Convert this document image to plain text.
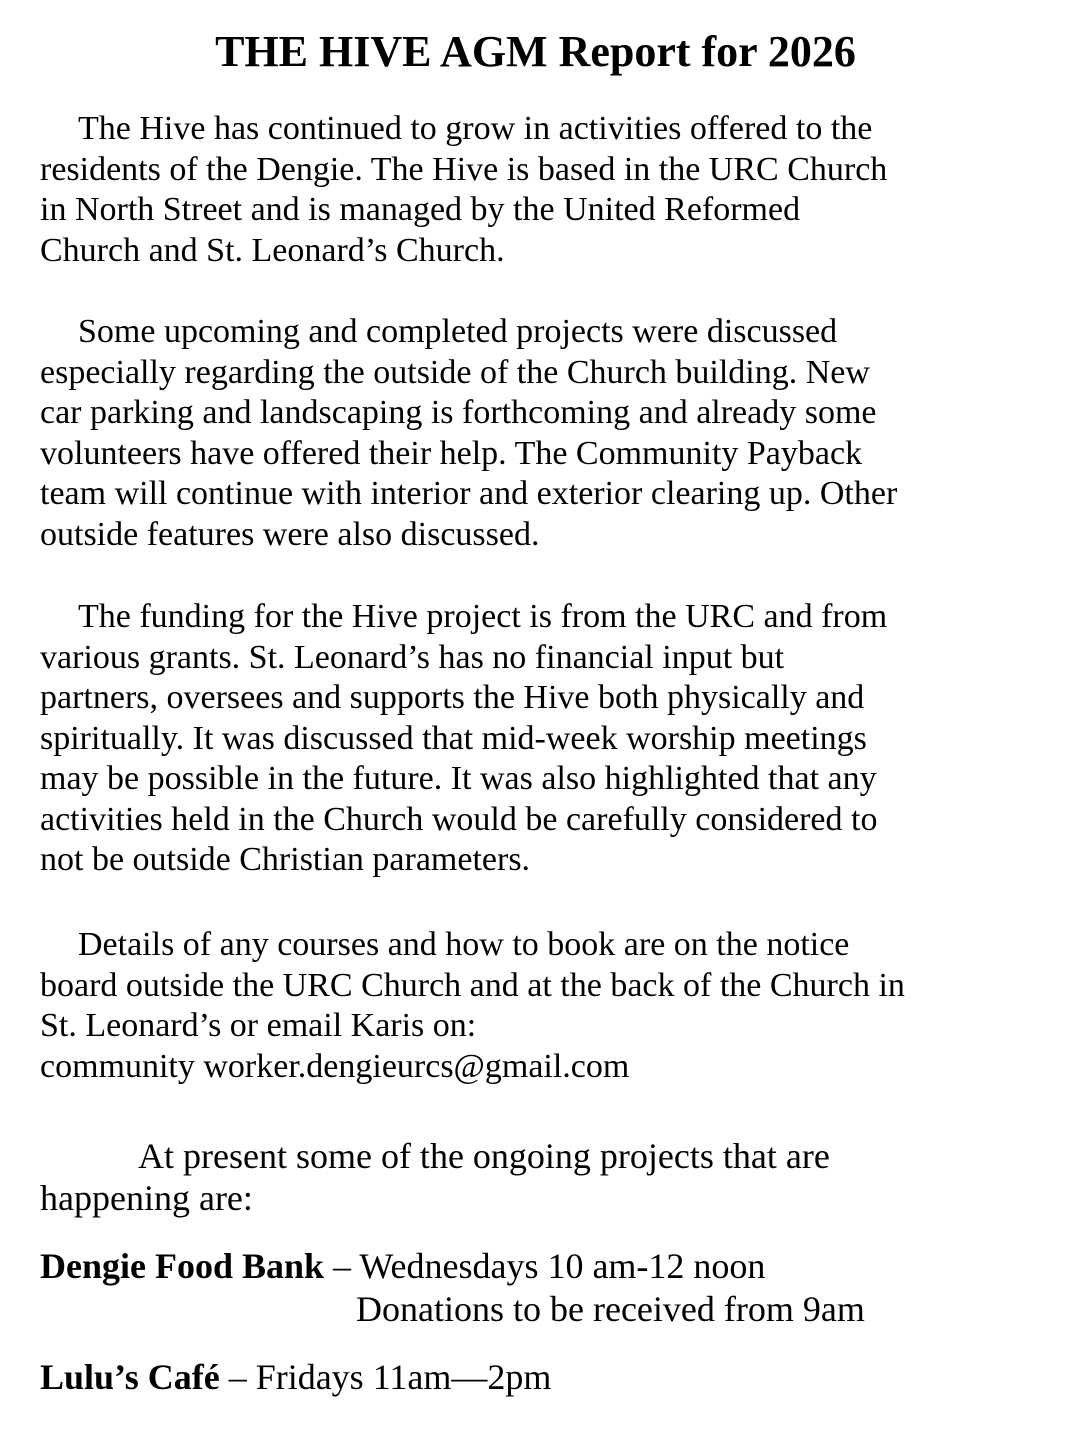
THE HIVE AGM Report for 2026

The Hive has continued to grow in activities offered to the
residents of the Dengie. The Hive is based in the URC Church
in North Street and is managed by the United Reformed
Church and St. Leonard’s Church.

Some upcoming and completed projects were discussed
especially regarding the outside of the Church building. New
car parking and landscaping is forthcoming and already some
volunteers have offered their help. The Community Payback
team will continue with interior and exterior clearing up. Other
outside features were also discussed.

The funding for the Hive project is from the URC and from
various grants. St. Leonard’s has no financial input but
partners, oversees and supports the Hive both physically and
spiritually. It was discussed that mid-week worship meetings
may be possible in the future. It was also highlighted that any
activities held in the Church would be carefully considered to
not be outside Christian parameters.

Details of any courses and how to book are on the notice
board outside the URC Church and at the back of the Church in
St. Leonard’s or email Karis on:
community worker.dengieurcs@gmail.com

At present some of the ongoing projects that are
happening are:

Dengie Food Bank – Wednesdays 10 am-12 noon
Donations to be received from 9am
Lulu’s Café – Fridays 11am—2pm
